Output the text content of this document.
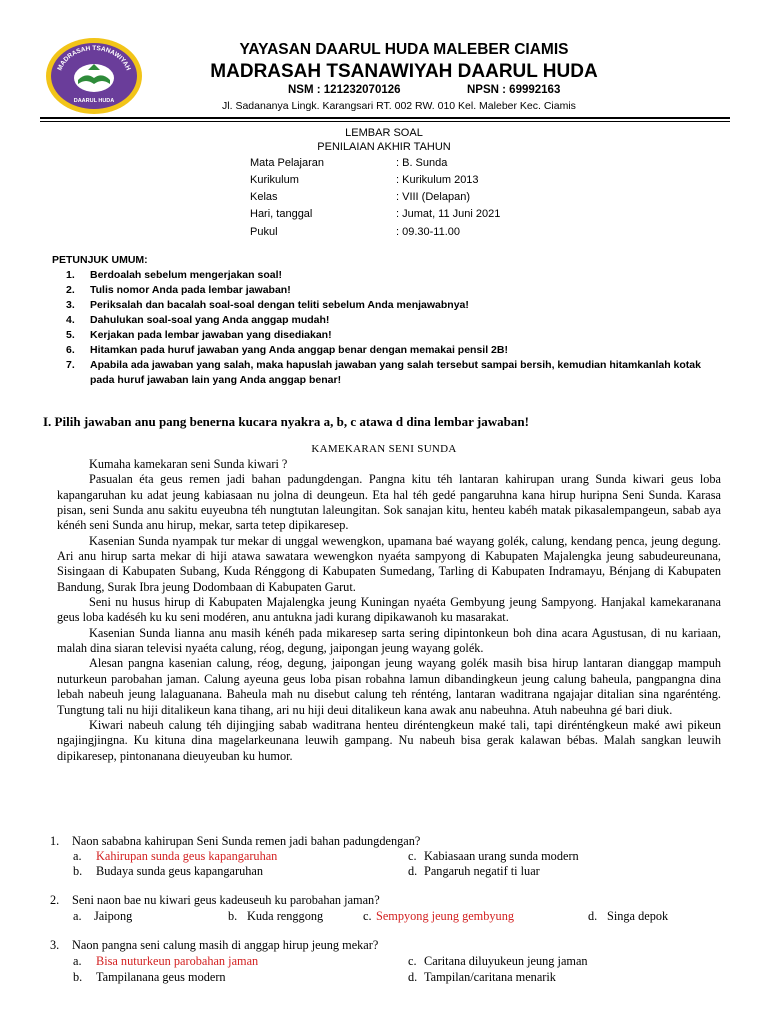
MADRASAH TSANAWIYAH
DAARUL HUDA
YAYASAN DAARUL HUDA MALEBER CIAMIS
MADRASAH TSANAWIYAH DAARUL HUDA
NSM : 121232070126	NPSN : 69992163
Jl. Sadananya Lingk. Karangsari RT. 002 RW. 010 Kel. Maleber Kec. Ciamis
LEMBAR SOAL
PENILAIAN AKHIR TAHUN
Mata Pelajaran	: B. Sunda
Kurikulum	: Kurikulum 2013
Kelas	: VIII (Delapan)
Hari, tanggal	: Jumat, 11 Juni 2021
Pukul	: 09.30-11.00
PETUNJUK UMUM:
1. Berdoalah sebelum mengerjakan soal!
2. Tulis nomor Anda pada lembar jawaban!
3. Periksalah dan bacalah soal-soal dengan teliti sebelum Anda menjawabnya!
4. Dahulukan soal-soal yang Anda anggap mudah!
5. Kerjakan pada lembar jawaban yang disediakan!
6. Hitamkan pada huruf jawaban yang Anda anggap benar dengan memakai pensil 2B!
7. Apabila ada jawaban yang salah, maka hapuslah jawaban yang salah tersebut sampai bersih, kemudian hitamkanlah kotak pada huruf jawaban lain yang Anda anggap benar!
I. Pilih jawaban anu pang benerna kucara nyakra a, b, c atawa d dina lembar jawaban!
KAMEKARAN SENI SUNDA

Kumaha kamekaran seni Sunda kiwari ?

Pasualan éta geus remen jadi bahan padungdengan. Pangna kitu téh lantaran kahirupan urang Sunda kiwari geus loba kapangaruhan ku adat jeung kabiasaan nu jolna di deungeun. Eta hal téh gedé pangaruhna kana hirup huripna Seni Sunda. Karasa pisan, seni Sunda anu sakitu euyeubna téh nungtutan laleungitan. Sok sanajan kitu, henteu kabéh matak pikasalempangeun, sabab aya kénéh seni Sunda anu hirup, mekar, sarta tetep dipikaresep.

Kasenian Sunda nyampak tur mekar di unggal wewengkon, upamana baé wayang golék, calung, kendang penca, jeung degung. Ari anu hirup sarta mekar di hiji atawa sawatara wewengkon nyaéta sampyong di Kabupaten Majalengka jeung sabudeureunana, Sisingaan di Kabupaten Subang, Kuda Rénggong di Kabupaten Sumedang, Tarling di Kabupaten Indramayu, Bénjang di Kabupaten Bandung, Surak Ibra jeung Dodombaan di Kabupaten Garut.

Seni nu husus hirup di Kabupaten Majalengka jeung Kuningan nyaéta Gembyung jeung Sampyong. Hanjakal kamekaranana geus loba kadéséh ku ku seni modéren, anu antukna jadi kurang dipikawanoh ku masarakat.

Kasenian Sunda lianna anu masih kénéh pada mikaresep sarta sering dipintonkeun boh dina acara Agustusan, di nu kariaan, malah dina siaran televisi nyaéta calung, réog, degung, jaipongan jeung wayang golék.

Alesan pangna kasenian calung, réog, degung, jaipongan jeung wayang golék masih bisa hirup lantaran dianggap mampuh nuturkeun parobahan jaman. Calung ayeuna geus loba pisan robahna lamun dibandingkeun jeung calung baheula, pangpangna dina lebah nabeuh jeung lalaguanana. Baheula mah nu disebut calung teh rénténg, lantaran waditrana ngajajar ditalian sina ngarénténg. Tungtung tali nu hiji ditalikeun kana tihang, ari nu hiji deui ditalikeun kana awak anu nabeuhna. Atuh nabeuhna gé bari diuk.

Kiwari nabeuh calung téh dijingjing sabab waditrana henteu diréntengkeun maké tali, tapi dirénténgkeun maké awi pikeun ngajingjingna. Ku kituna dina magelarkeunana leuwih gampang. Nu nabeuh bisa gerak kalawan bébas. Malah sangkan leuwih dipikaresep, pintonanana dieuyeuban ku humor.

1. Naon sababna kahirupan Seni Sunda remen jadi bahan padungdengan?
a. Kahirupan sunda geus kapangaruhan	c. Kabiasaan urang sunda modern
b. Budaya sunda geus kapangaruhan	d. Pangaruh negatif ti luar
2. Seni naon bae nu kiwari geus kadeuseuh ku parobahan jaman?
a. Jaipong	b. Kuda renggong	c. Sempyong jeung gembyung	d. Singa depok
3. Naon pangna seni calung masih di anggap hirup jeung mekar?
a. Bisa nuturkeun parobahan jaman	c. Caritana diluyukeun jeung jaman
b. Tampilanana geus modern	d. Tampilan/caritana menarik
